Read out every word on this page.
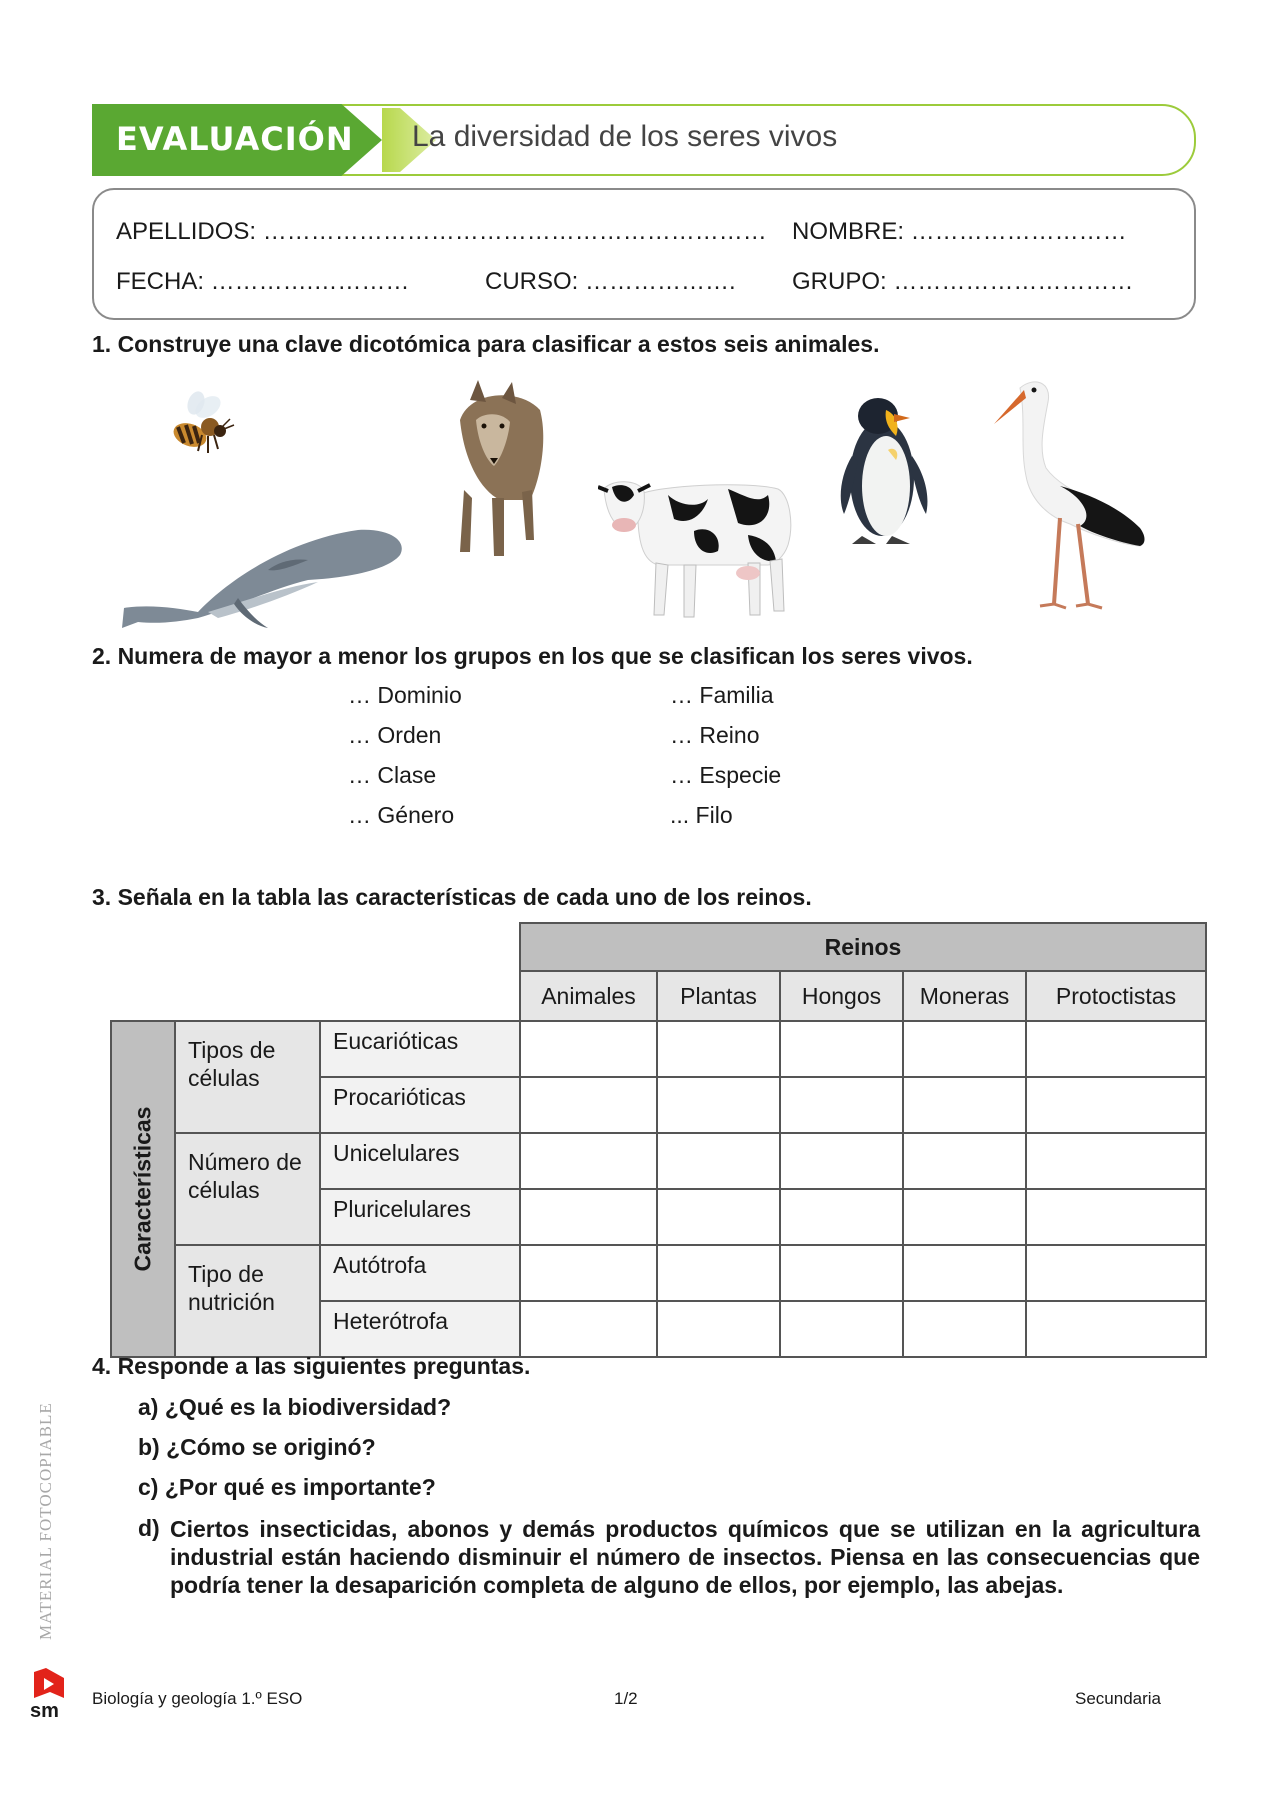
EVALUACIÓN La diversidad de los seres vivos
APELLIDOS: ……………………………………………………… NOMBRE: ………………………
FECHA: ………….…………	CURSO: ………………. GRUPO: …………………………
1. Construye una clave dicotómica para clasificar a estos seis animales.
2. Numera de mayor a menor los grupos en los que se clasifican los seres vivos.
… Dominio
… Orden
… Clase
… Género
… Familia
… Reino
… Especie
... Filo
3. Señala en la tabla las características de cada uno de los reinos.
			Reinos				
			Animales	Plantas	Hongos	Moneras	Protoctistas

Características	Tipos de células	Eucarióticas					
		Procarióticas					
	Número de células	Unicelulares					
		Pluricelulares					
	Tipo de nutrición	Autótrofa					
		Heterótrofa					
4. Responde a las siguientes preguntas.
a) ¿Qué es la biodiversidad?
b) ¿Cómo se originó?
c) ¿Por qué es importante?
d) Ciertos insecticidas, abonos y demás productos químicos que se utilizan en la agricultura industrial están haciendo disminuir el número de insectos. Piensa en las consecuencias que podría tener la desaparición completa de alguno de ellos, por ejemplo, las abejas.
MATERIAL FOTOCOPIABLE
sm
Biología y geología 1.º ESO	1/2	Secundaria
